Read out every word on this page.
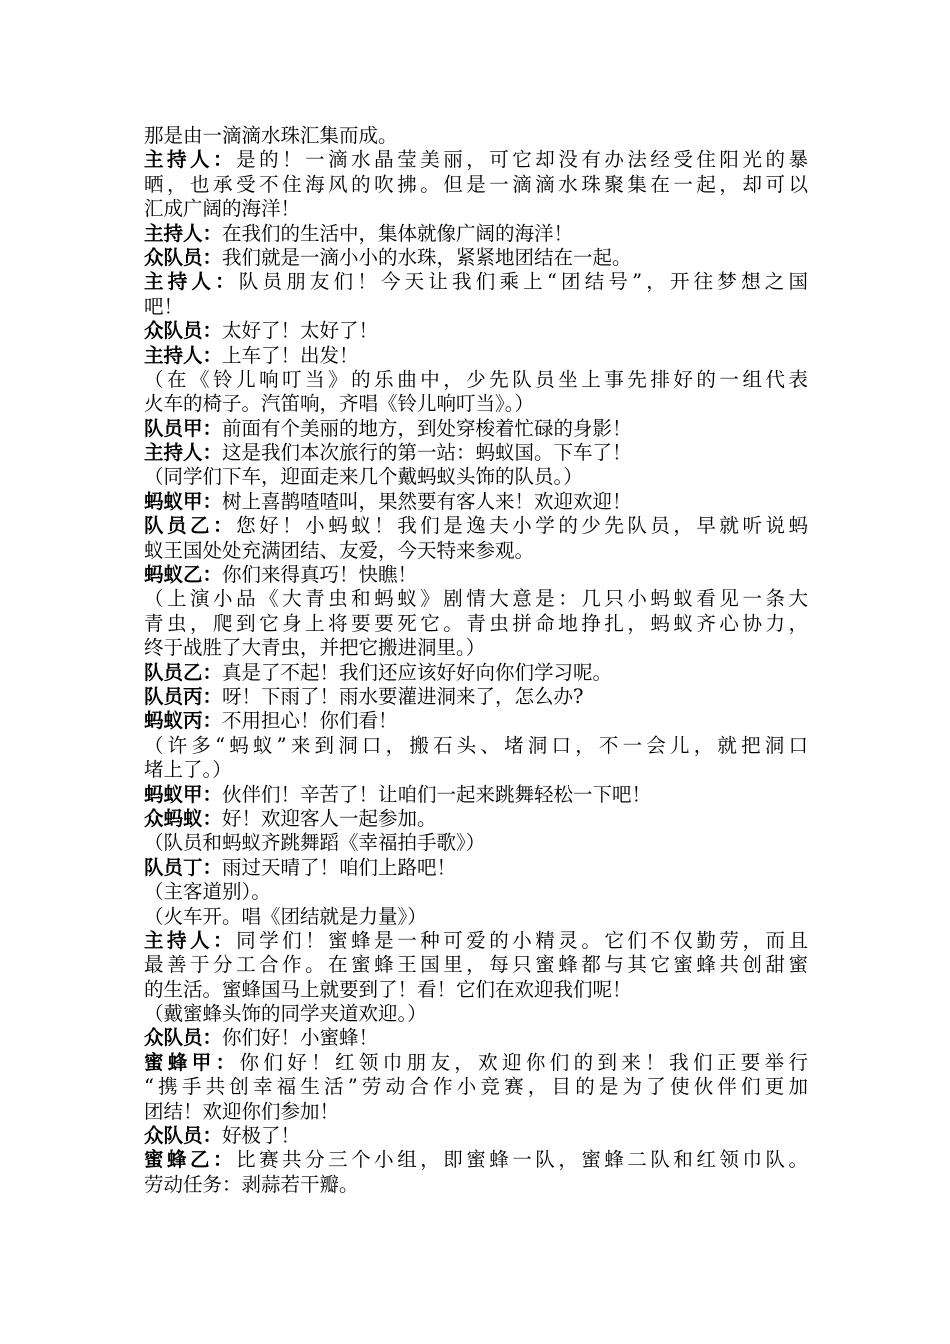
那是由一滴滴水珠汇集而成。
主持人：是的！一滴水晶莹美丽，可它却没有办法经受住阳光的暴
晒，也承受不住海风的吹拂。但是一滴滴水珠聚集在一起，却可以
汇成广阔的海洋！
主持人：在我们的生活中，集体就像广阔的海洋！
众队员：我们就是一滴小小的水珠，紧紧地团结在一起。
主持人：队员朋友们！今天让我们乘上“团结号”，开往梦想之国
吧！
众队员：太好了！太好了！
主持人：上车了！出发！
（在《铃儿响叮当》的乐曲中，少先队员坐上事先排好的一组代表
火车的椅子。汽笛响，齐唱《铃儿响叮当》。）
队员甲：前面有个美丽的地方，到处穿梭着忙碌的身影！
主持人：这是我们本次旅行的第一站：蚂蚁国。下车了！
（同学们下车，迎面走来几个戴蚂蚁头饰的队员。）
蚂蚁甲：树上喜鹊喳喳叫，果然要有客人来！欢迎欢迎！
队员乙：您好！小蚂蚁！我们是逸夫小学的少先队员，早就听说蚂
蚁王国处处充满团结、友爱，今天特来参观。
蚂蚁乙：你们来得真巧！快瞧！
（上演小品《大青虫和蚂蚁》剧情大意是：几只小蚂蚁看见一条大
青虫，爬到它身上将要要死它。青虫拼命地挣扎，蚂蚁齐心协力，
终于战胜了大青虫，并把它搬进洞里。）
队员乙：真是了不起！我们还应该好好向你们学习呢。
队员丙：呀！下雨了！雨水要灌进洞来了，怎么办?
蚂蚁丙：不用担心！你们看！
（许多“蚂蚁”来到洞口，搬石头、堵洞口，不一会儿，就把洞口
堵上了。）
蚂蚁甲：伙伴们！辛苦了！让咱们一起来跳舞轻松一下吧！
众蚂蚁：好！欢迎客人一起参加。
（队员和蚂蚁齐跳舞蹈《幸福拍手歌》）
队员丁：雨过天晴了！咱们上路吧！
（主客道别）。
（火车开。唱《团结就是力量》）
主持人：同学们！蜜蜂是一种可爱的小精灵。它们不仅勤劳，而且
最善于分工合作。在蜜蜂王国里，每只蜜蜂都与其它蜜蜂共创甜蜜
的生活。蜜蜂国马上就要到了！看！它们在欢迎我们呢！
（戴蜜蜂头饰的同学夹道欢迎。）
众队员：你们好！小蜜蜂！
蜜蜂甲：你们好！红领巾朋友，欢迎你们的到来！我们正要举行
“携手共创幸福生活”劳动合作小竞赛，目的是为了使伙伴们更加
团结！欢迎你们参加！
众队员：好极了！
蜜蜂乙：比赛共分三个小组，即蜜蜂一队，蜜蜂二队和红领巾队。
劳动任务：剥蒜若干瓣。
